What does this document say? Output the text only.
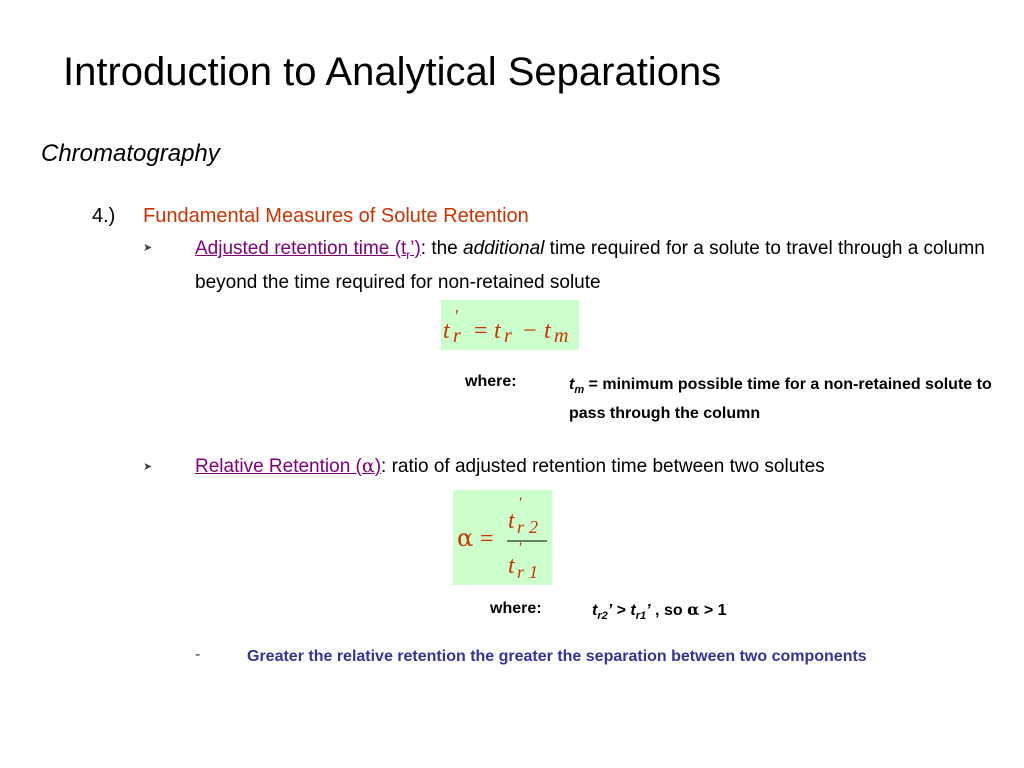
Introduction to Analytical Separations
Chromatography
4.) Fundamental Measures of Solute Retention
➤ Adjusted retention time $(t_r’)$: the additional time required for a solute to travel through a column beyond the time required for non-retained solute
t
′
r = t r − t m
where:	$t_m$ = minimum possible time for a non-retained solute to pass through the column
➤ Relative Retention (α): ratio of adjusted retention time between two solutes
α =
t
′
r 2
t
′
r 1
where:	$t_{r2}$’ > $t_{r1}$’ , so α > 1
-	Greater the relative retention the greater the separation between two components
